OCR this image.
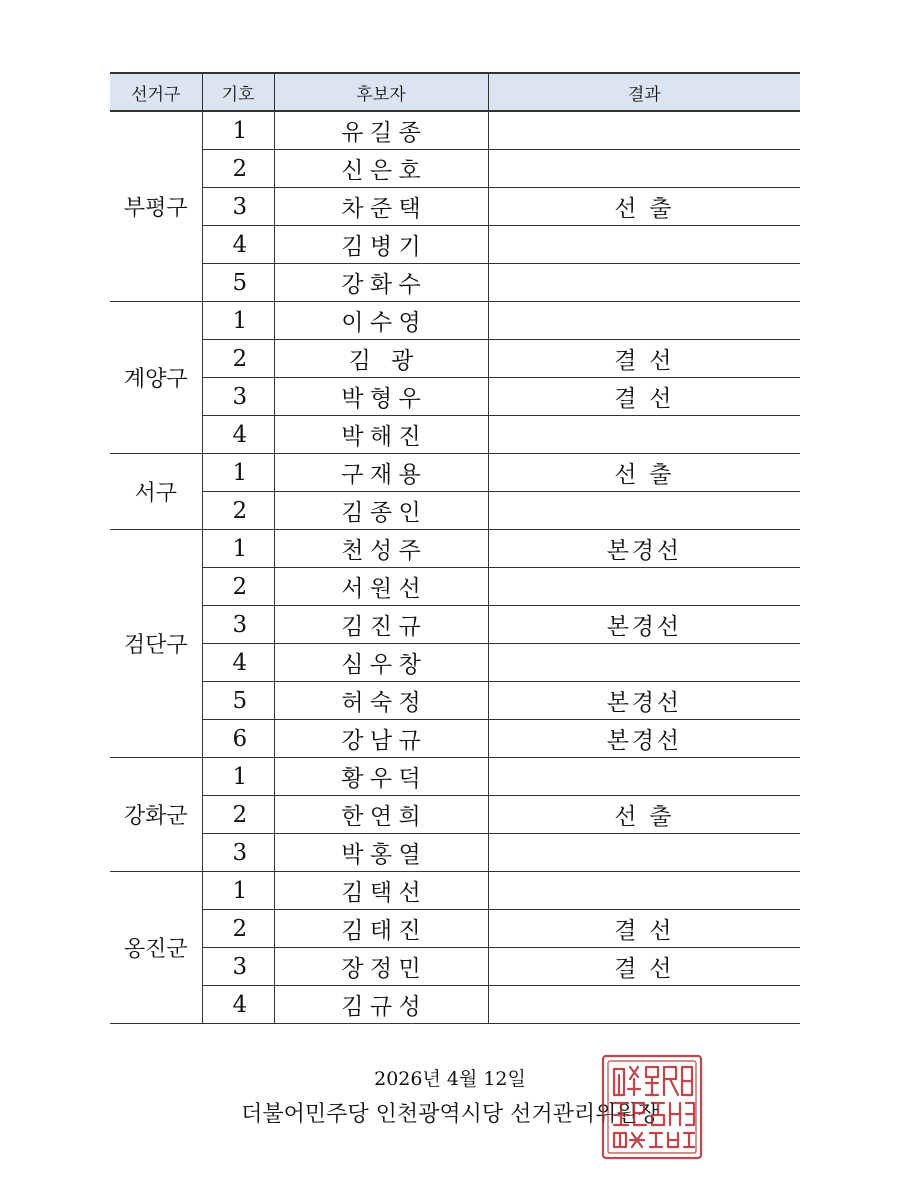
선거구	기호	후보자	결과
부평구	1	유길종	
	2	신은호	
	3	차준택	선 출
	4	김병기	
	5	강화수	
계양구	1	이수영	
	2	김 광	결 선
	3	박형우	결 선
	4	박해진	
서구	1	구재용	선 출
	2	김종인	
검단구	1	천성주	본경선
	2	서원선	
	3	김진규	본경선
	4	심우창	
	5	허숙정	본경선
	6	강남규	본경선
강화군	1	황우덕	
	2	한연희	선 출
	3	박홍열	
옹진군	1	김택선	
	2	김태진	결 선
	3	장정민	결 선
	4	김규성	
2026년 4월 12일
더불어민주당 인천광역시당 선거관리위원장
